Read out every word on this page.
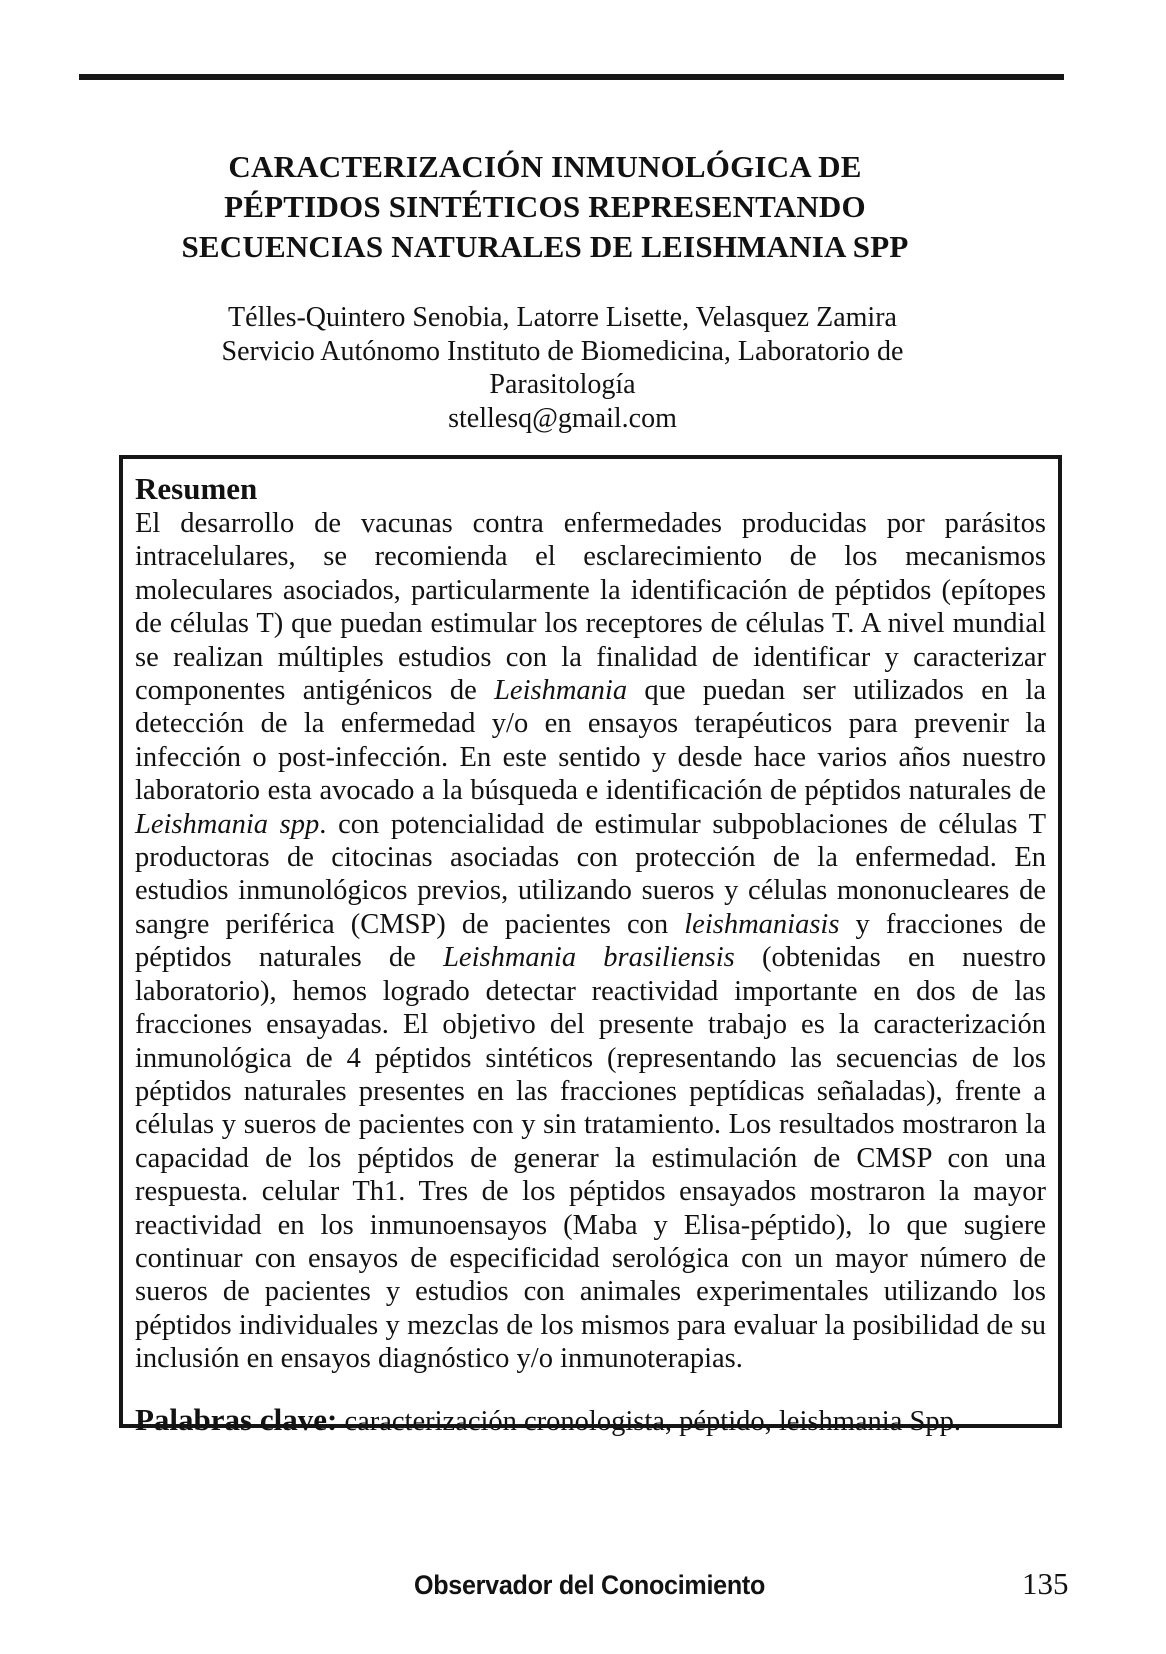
CARACTERIZACIÓN INMUNOLÓGICA DE
PÉPTIDOS SINTÉTICOS REPRESENTANDO
SECUENCIAS NATURALES DE LEISHMANIA SPP
Télles-Quintero Senobia, Latorre Lisette, Velasquez Zamira
Servicio Autónomo Instituto de Biomedicina, Laboratorio de
Parasitología
stellesq@gmail.com
Resumen

El desarrollo de vacunas contra enfermedades producidas por parásitos intracelulares, se recomienda el esclarecimiento de los mecanismos moleculares asociados, particularmente la identificación de péptidos (epítopes de células T) que puedan estimular los receptores de células T. A nivel mundial se realizan múltiples estudios con la finalidad de identificar y caracterizar componentes antigénicos de Leishmania que puedan ser utilizados en la detección de la enfermedad y/o en ensayos terapéuticos para prevenir la infección o post-infección. En este sentido y desde hace varios años nuestro laboratorio esta avocado a la búsqueda e identificación de péptidos naturales de Leishmania spp. con potencialidad de estimular subpoblaciones de células T productoras de citocinas asociadas con protección de la enfermedad. En estudios inmunológicos previos, utilizando sueros y células mononucleares de sangre periférica (CMSP) de pacientes con leishmaniasis y fracciones de péptidos naturales de Leishmania brasiliensis (obtenidas en nuestro laboratorio), hemos logrado detectar reactividad importante en dos de las fracciones ensayadas. El objetivo del presente trabajo es la caracterización inmunológica de 4 péptidos sintéticos (representando las secuencias de los péptidos naturales presentes en las fracciones peptídicas señaladas), frente a células y sueros de pacientes con y sin tratamiento. Los resultados mostraron la capacidad de los péptidos de generar la estimulación de CMSP con una respuesta. celular Th1. Tres de los péptidos ensayados mostraron la mayor reactividad en los inmunoensayos (Maba y Elisa-péptido), lo que sugiere continuar con ensayos de especificidad serológica con un mayor número de sueros de pacientes y estudios con animales experimentales utilizando los péptidos individuales y mezclas de los mismos para evaluar la posibilidad de su inclusión en ensayos diagnóstico y/o inmunoterapias.

Palabras clave: caracterización cronologista, péptido, leishmania Spp.
Observador del Conocimiento	135
